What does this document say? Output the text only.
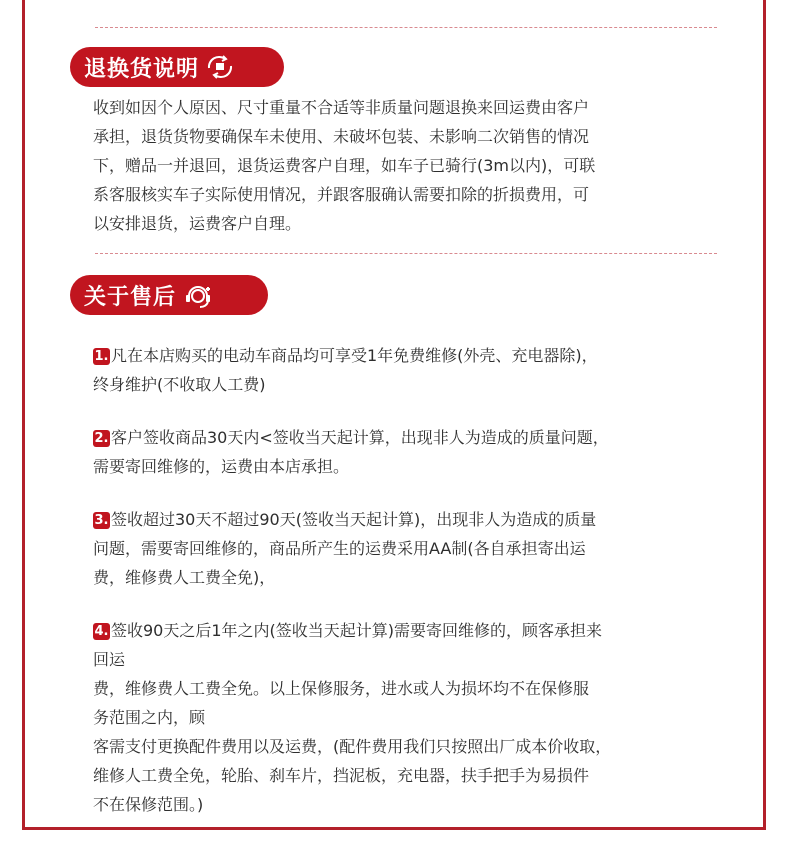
退换货说明
收到如因个人原因、尺寸重量不合适等非质量问题退换来回运费由客户
承担，退货货物要确保车未使用、未破坏包装、未影响二次销售的情况
下，赠品一并退回，退货运费客户自理，如车子已骑行(3m以内)，可联
系客服核实车子实际使用情况，并跟客服确认需要扣除的折损费用，可
以安排退货，运费客户自理。
关于售后
1. 凡在本店购买的电动车商品均可享受1年免费维修(外壳、充电器除)，
终身维护(不收取人工费)
2. 客户签收商品30天内<签收当天起计算，出现非人为造成的质量问题，
需要寄回维修的，运费由本店承担。
3. 签收超过30天不超过90天(签收当天起计算)，出现非人为造成的质量
问题，需要寄回维修的，商品所产生的运费采用AA制(各自承担寄出运
费，维修费人工费全免)，
4. 签收90天之后1年之内(签收当天起计算)需要寄回维修的，顾客承担来
回运
费，维修费人工费全免。以上保修服务，进水或人为损坏均不在保修服
务范围之内，顾
客需支付更换配件费用以及运费，(配件费用我们只按照出厂成本价收取，
维修人工费全免，轮胎、刹车片，挡泥板，充电器，扶手把手为易损件
不在保修范围。)
